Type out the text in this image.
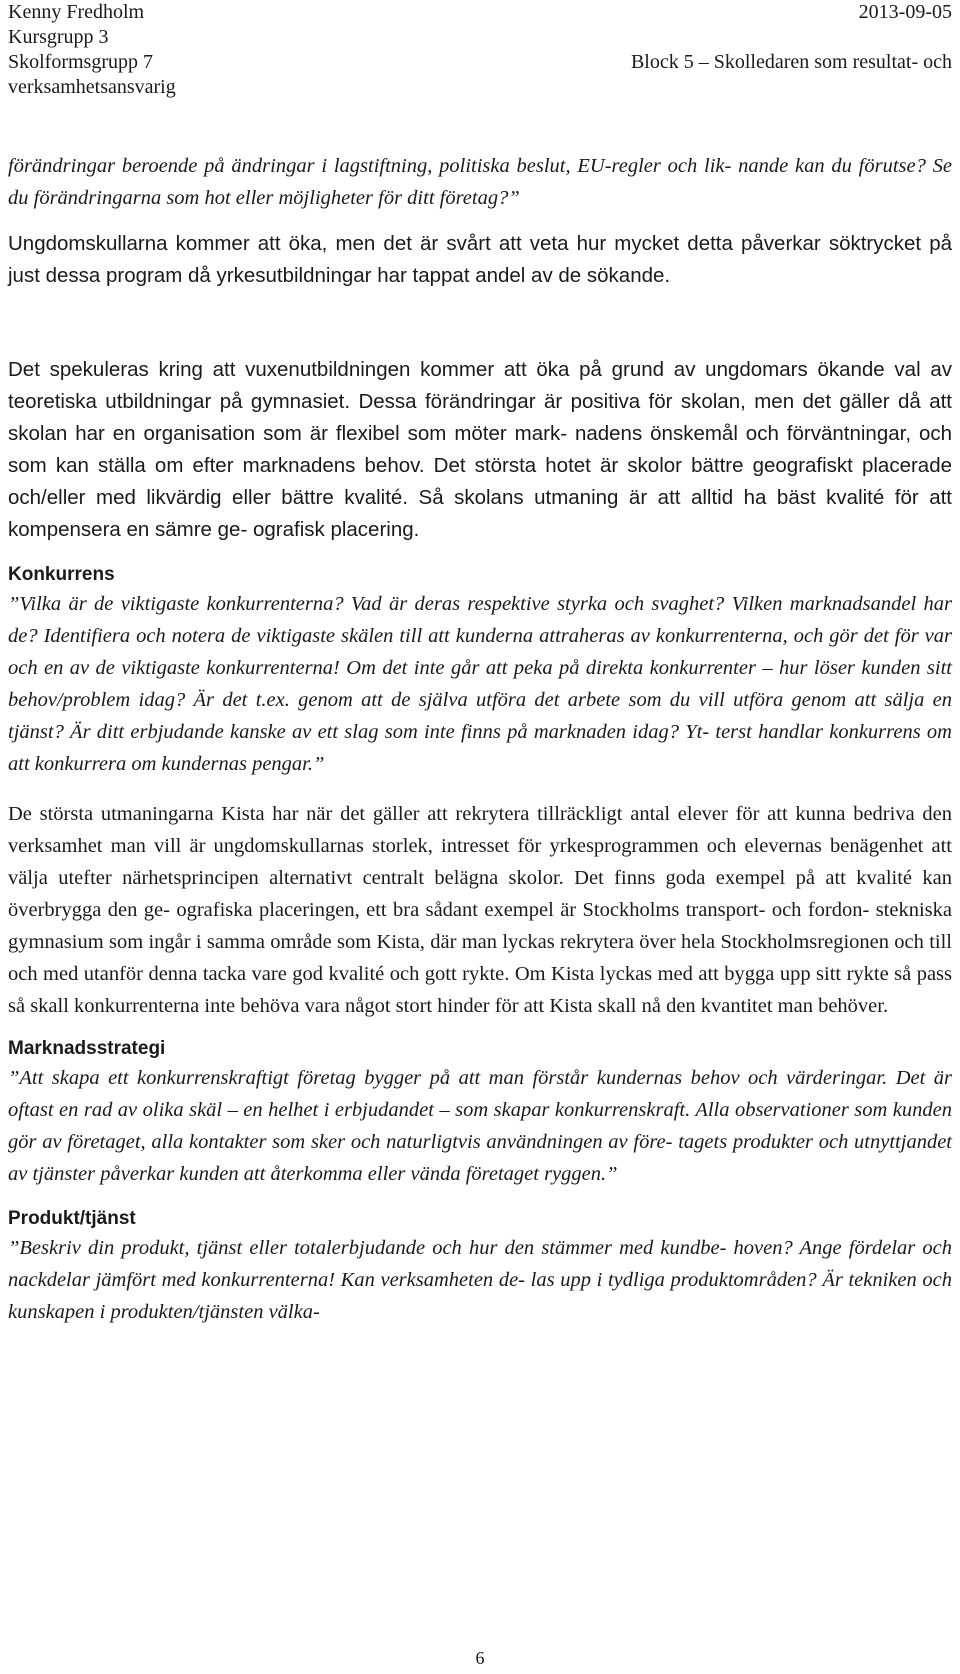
Kenny Fredholm
Kursgrupp 3
Skolformsgrupp 7
verksamhetsansvarig
2013-09-05
Block 5 – Skolledaren som resultat- och

förändringar beroende på ändringar i lagstiftning, politiska beslut, EU-regler och lik- nande kan du förutse? Se du förändringarna som hot eller möjligheter för ditt företag?”

Ungdomskullarna kommer att öka, men det är svårt att veta hur mycket detta påverkar söktrycket på just dessa program då yrkesutbildningar har tappat andel av de sökande.

Det spekuleras kring att vuxenutbildningen kommer att öka på grund av ungdomars ökande val av teoretiska utbildningar på gymnasiet. Dessa förändringar är positiva för skolan, men det gäller då att skolan har en organisation som är flexibel som möter mark- nadens önskemål och förväntningar, och som kan ställa om efter marknadens behov. Det största hotet är skolor bättre geografiskt placerade och/eller med likvärdig eller bättre kvalité. Så skolans utmaning är att alltid ha bäst kvalité för att kompensera en sämre ge- ografisk placering.

Konkurrens

”Vilka är de viktigaste konkurrenterna? Vad är deras respektive styrka och svaghet? Vilken marknadsandel har de? Identifiera och notera de viktigaste skälen till att kunderna attraheras av konkurrenterna, och gör det för var och en av de viktigaste konkurrenterna! Om det inte går att peka på direkta konkurrenter – hur löser kunden sitt behov/problem idag? Är det t.ex. genom att de själva utföra det arbete som du vill utföra genom att sälja en tjänst? Är ditt erbjudande kanske av ett slag som inte finns på marknaden idag? Yt- terst handlar konkurrens om att konkurrera om kundernas pengar.”

De största utmaningarna Kista har när det gäller att rekrytera tillräckligt antal elever för att kunna bedriva den verksamhet man vill är ungdomskullarnas storlek, intresset för yrkesprogrammen och elevernas benägenhet att välja utefter närhetsprincipen alternativt centralt belägna skolor. Det finns goda exempel på att kvalité kan överbrygga den ge- ografiska placeringen, ett bra sådant exempel är Stockholms transport- och fordon- stekniska gymnasium som ingår i samma område som Kista, där man lyckas rekrytera över hela Stockholmsregionen och till och med utanför denna tacka vare god kvalité och gott rykte. Om Kista lyckas med att bygga upp sitt rykte så pass så skall konkurrenterna inte behöva vara något stort hinder för att Kista skall nå den kvantitet man behöver.

Marknadsstrategi

”Att skapa ett konkurrenskraftigt företag bygger på att man förstår kundernas behov och värderingar. Det är oftast en rad av olika skäl – en helhet i erbjudandet – som skapar konkurrenskraft. Alla observationer som kunden gör av företaget, alla kontakter som sker och naturligtvis användningen av före- tagets produkter och utnyttjandet av tjänster påverkar kunden att återkomma eller vända företaget ryggen.”

Produkt/tjänst

”Beskriv din produkt, tjänst eller totalerbjudande och hur den stämmer med kundbe- hoven? Ange fördelar och nackdelar jämfört med konkurrenterna! Kan verksamheten de- las upp i tydliga produktområden? Är tekniken och kunskapen i produkten/tjänsten välka-

6
